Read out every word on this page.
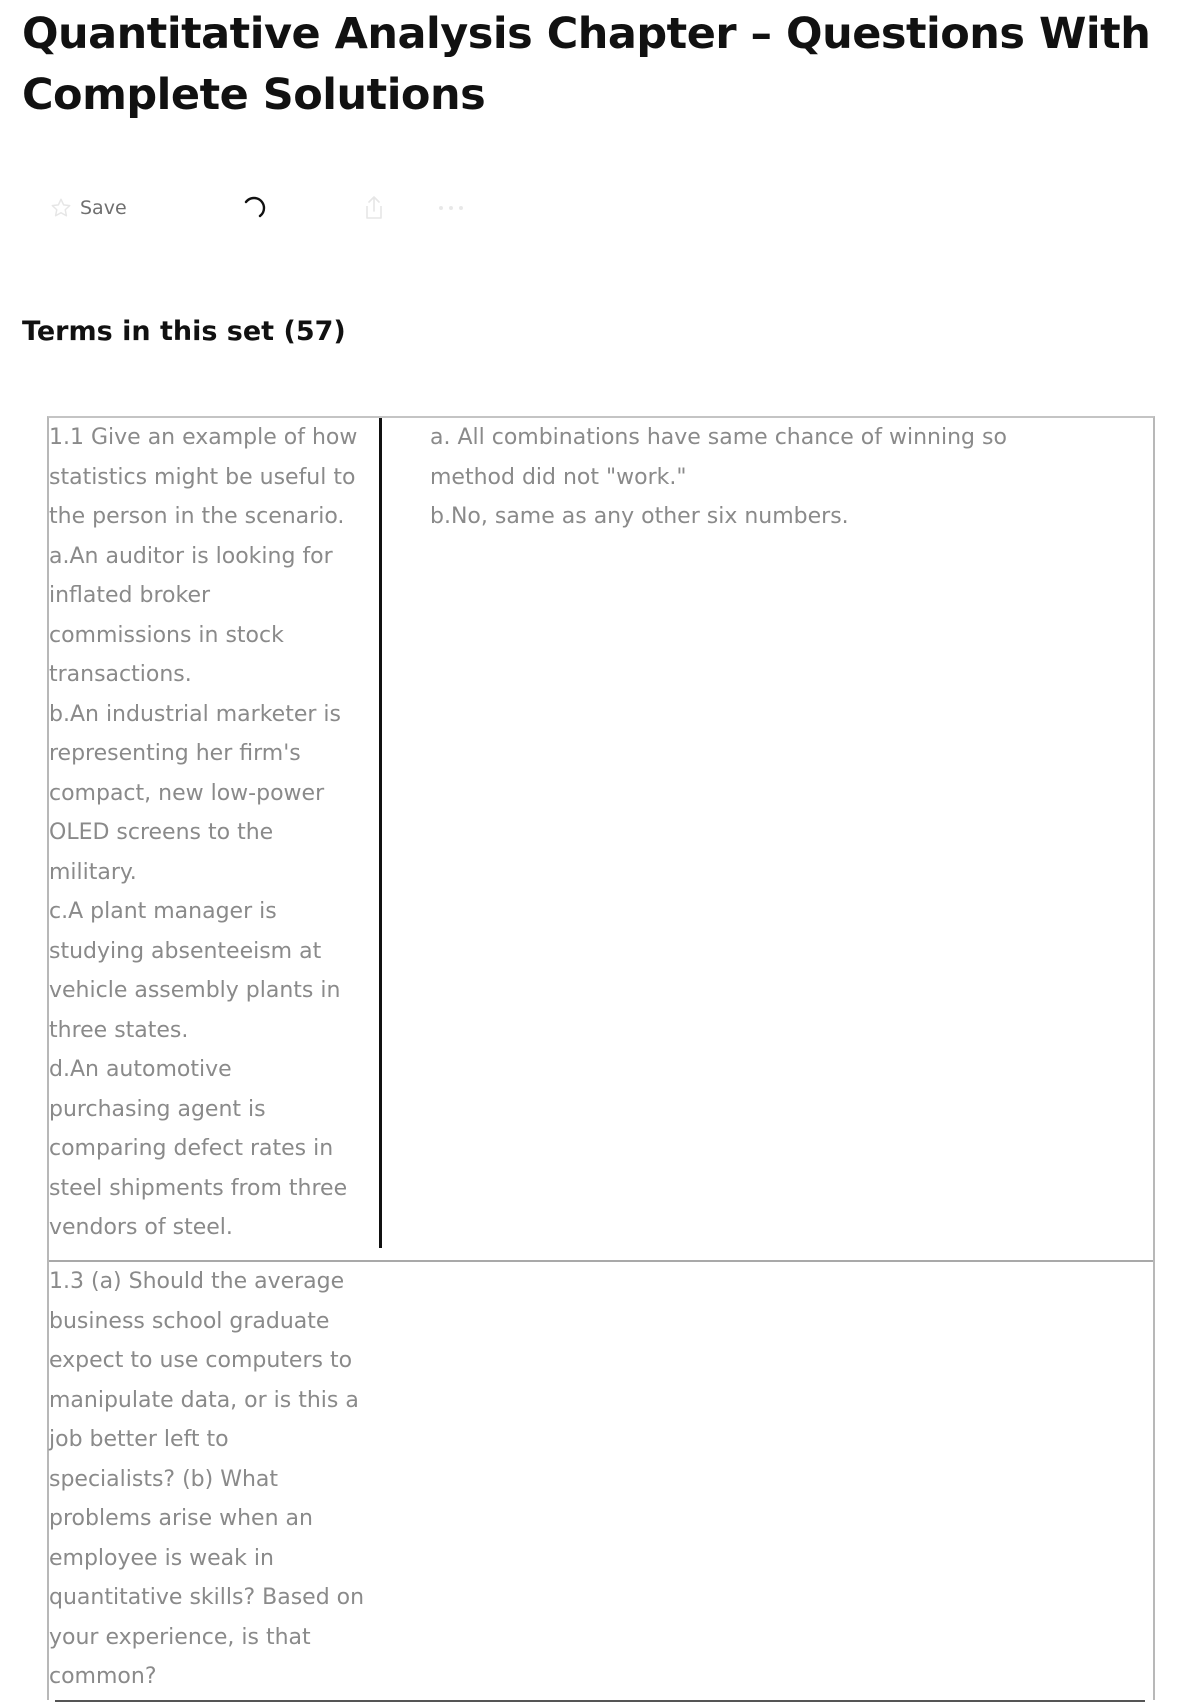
Quantitative Analysis Chapter – Questions With Complete Solutions
Save
Terms in this set (57)
1.1 Give an example of how
statistics might be useful to
the person in the scenario.
a.An auditor is looking for
inflated broker
commissions in stock
transactions.
b.An industrial marketer is
representing her firm's
compact, new low-power
OLED screens to the
military.
c.A plant manager is
studying absenteeism at
vehicle assembly plants in
three states.
d.An automotive
purchasing agent is
comparing defect rates in
steel shipments from three
vendors of steel.
a. All combinations have same chance of winning so
method did not "work."
b.No, same as any other six numbers.
1.3 (a) Should the average
business school graduate
expect to use computers to
manipulate data, or is this a
job better left to
specialists? (b) What
problems arise when an
employee is weak in
quantitative skills? Based on
your experience, is that
common?
